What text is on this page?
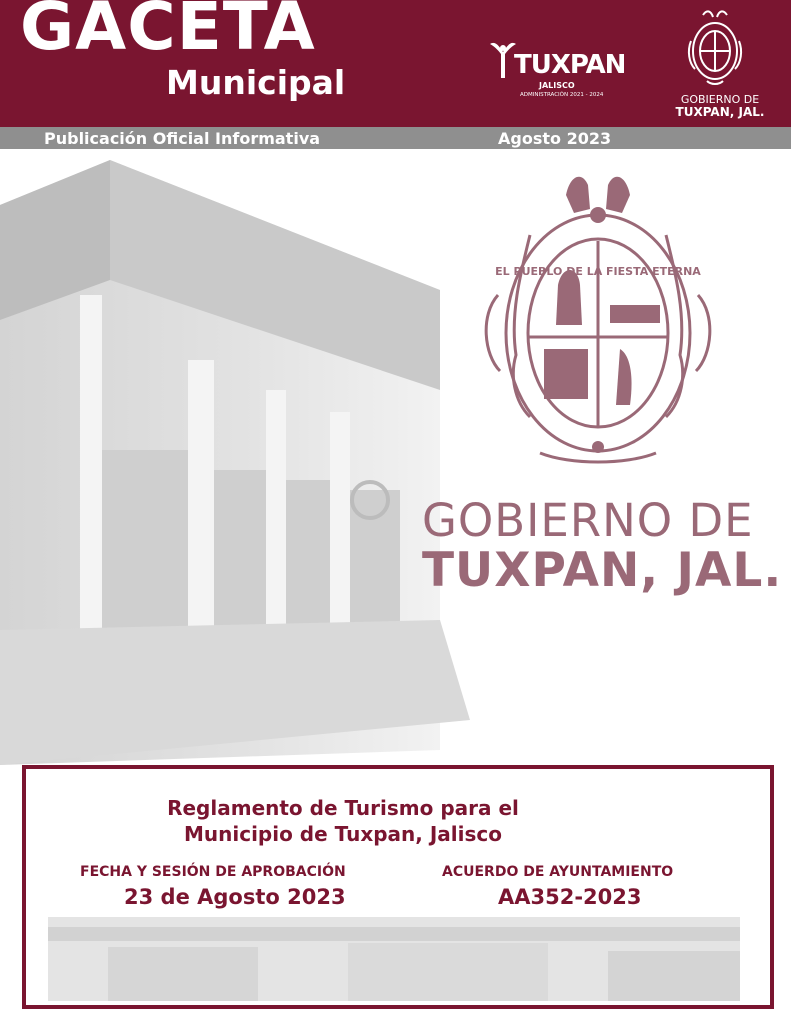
GACETA
Municipal	TUXPAN
JALISCO
ADMINISTRACIÓN 2021 - 2024	GOBIERNO DE
TUXPAN, JAL.
Publicación Oficial Informativa	Agosto 2023
EL PUEBLO DE LA FIESTA ETERNA
GOBIERNO DE
TUXPAN, JAL.
Reglamento de Turismo para el
Municipio de Tuxpan, Jalisco
FECHA Y SESIÓN DE APROBACIÓN
23 de Agosto 2023
ACUERDO DE AYUNTAMIENTO
AA352-2023
